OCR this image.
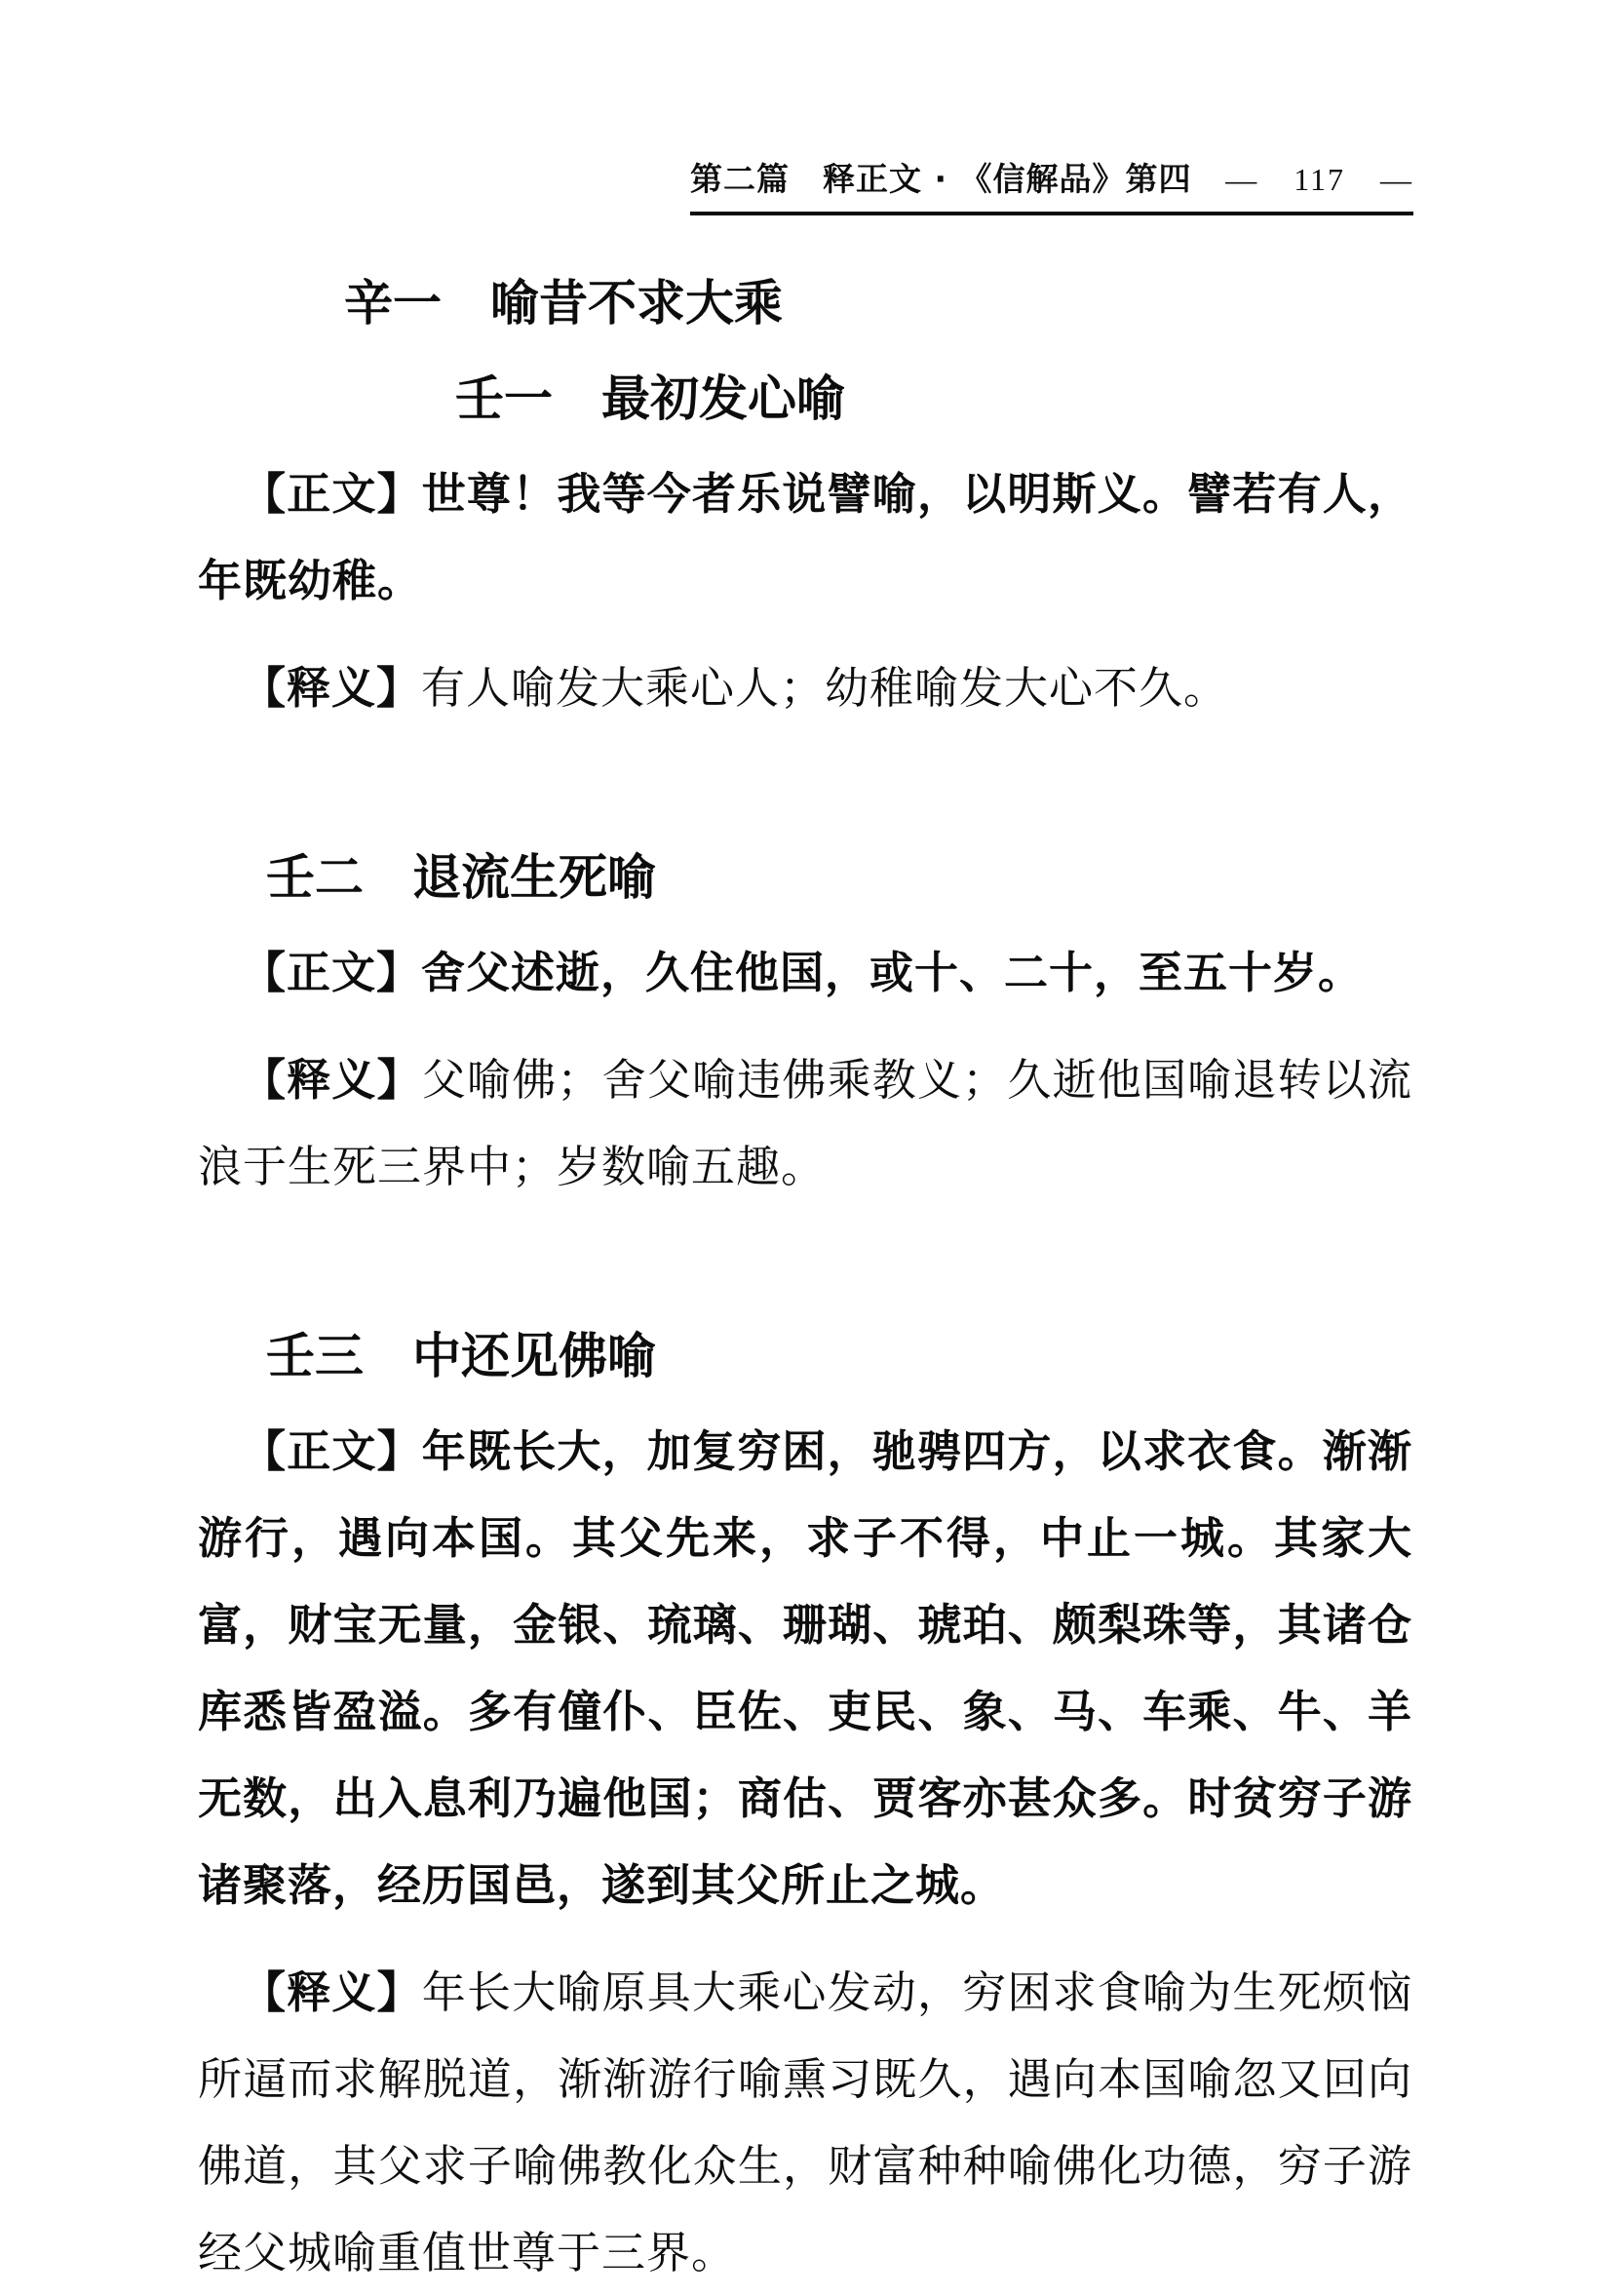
第二篇　释正文 · 《信解品》第四 — 117 —
辛一　喻昔不求大乘
壬一　最初发心喻

【正文】世尊！我等今者乐说譬喻，以明斯义。譬若有人，年既幼稚。

【释义】有人喻发大乘心人；幼稚喻发大心不久。

壬二　退流生死喻

【正文】舍父述逝，久住他国，或十、二十，至五十岁。

【释义】父喻佛；舍父喻违佛乘教义；久逝他国喻退转以流浪于生死三界中；岁数喻五趣。

壬三　中还见佛喻

【正文】年既长大，加复穷困，驰骋四方，以求衣食。渐渐游行，遇向本国。其父先来，求子不得，中止一城。其家大富，财宝无量，金银、琉璃、珊瑚、琥珀、颇梨珠等，其诸仓库悉皆盈溢。多有僮仆、臣佐、吏民、象、马、车乘、牛、羊无数，出入息利乃遍他国；商估、贾客亦甚众多。时贫穷子游诸聚落，经历国邑，遂到其父所止之城。

【释义】年长大喻原具大乘心发动，穷困求食喻为生死烦恼所逼而求解脱道，渐渐游行喻熏习既久，遇向本国喻忽又回向佛道，其父求子喻佛教化众生，财富种种喻佛化功德，穷子游经父城喻重值世尊于三界。
